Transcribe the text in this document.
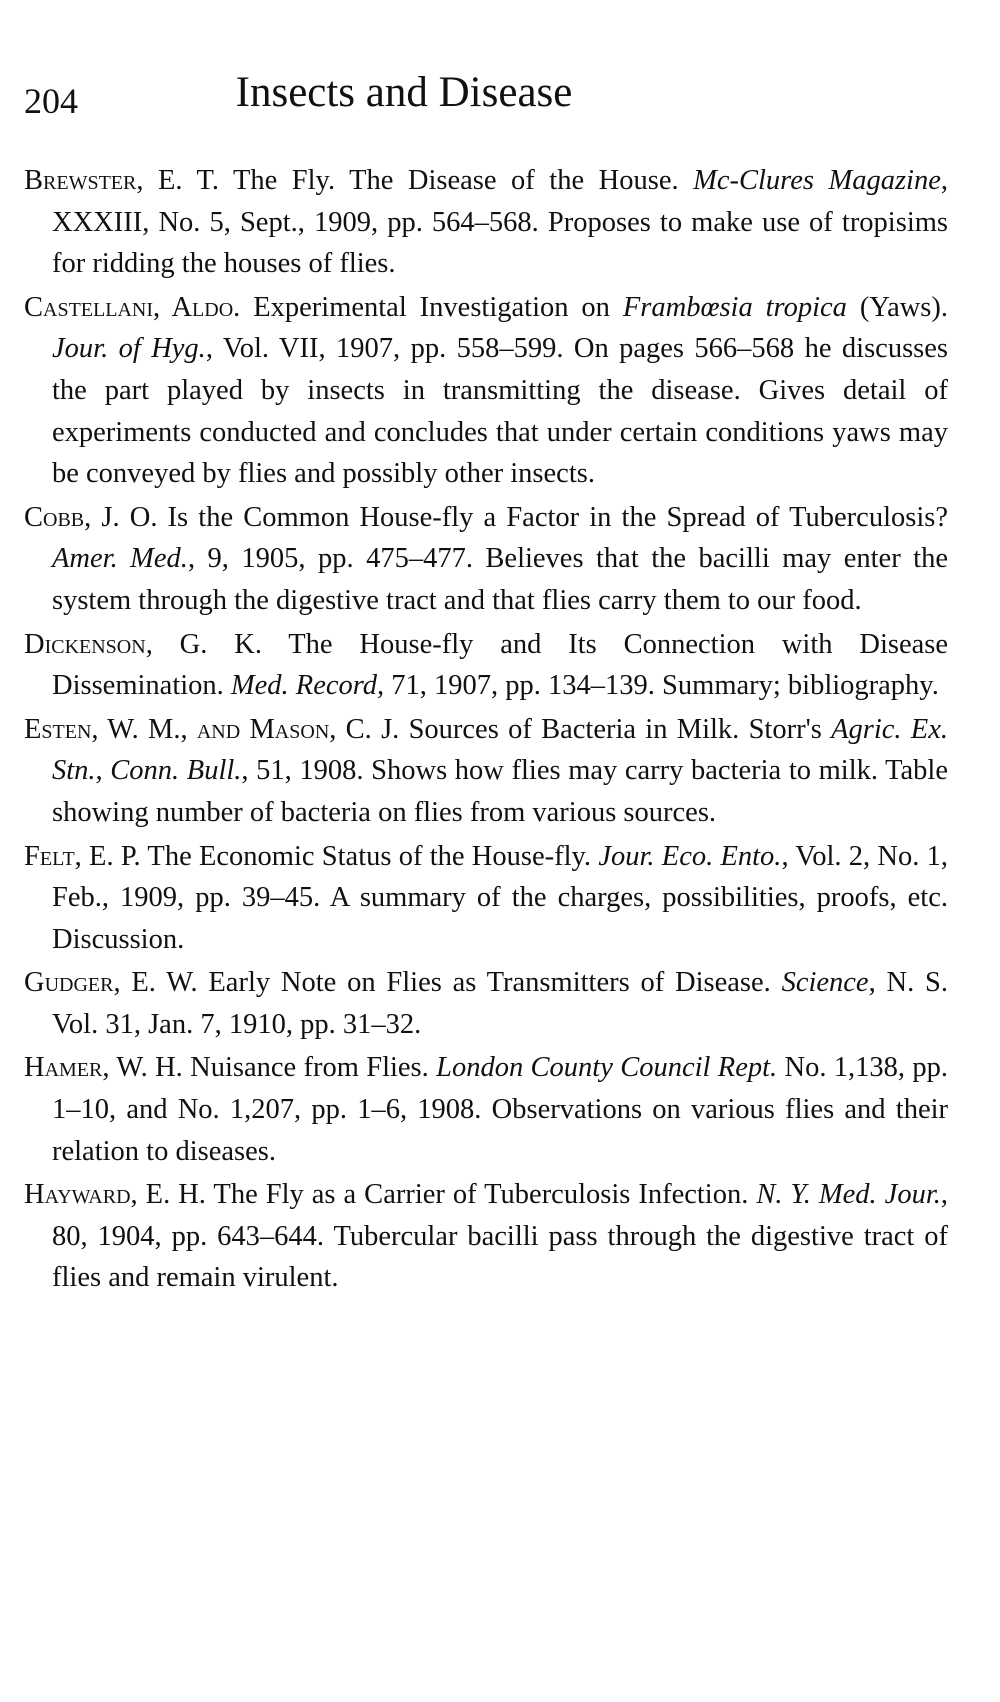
204	Insects and Disease

Brewster, E. T. The Fly. The Disease of the House. Mc-Clures Magazine, XXXIII, No. 5, Sept., 1909, pp. 564–568. Proposes to make use of tropisims for ridding the houses of flies.

Castellani, Aldo. Experimental Investigation on Frambœsia tropica (Yaws). Jour. of Hyg., Vol. VII, 1907, pp. 558–599. On pages 566–568 he discusses the part played by insects in transmitting the disease. Gives detail of experiments conducted and concludes that under certain conditions yaws may be conveyed by flies and possibly other insects.

Cobb, J. O. Is the Common House-fly a Factor in the Spread of Tuberculosis? Amer. Med., 9, 1905, pp. 475–477. Believes that the bacilli may enter the system through the digestive tract and that flies carry them to our food.

Dickenson, G. K. The House-fly and Its Connection with Disease Dissemination. Med. Record, 71, 1907, pp. 134–139. Summary; bibliography.

Esten, W. M., and Mason, C. J. Sources of Bacteria in Milk. Storr's Agric. Ex. Stn., Conn. Bull., 51, 1908. Shows how flies may carry bacteria to milk. Table showing number of bacteria on flies from various sources.

Felt, E. P. The Economic Status of the House-fly. Jour. Eco. Ento., Vol. 2, No. 1, Feb., 1909, pp. 39–45. A summary of the charges, possibilities, proofs, etc. Discussion.

Gudger, E. W. Early Note on Flies as Transmitters of Disease. Science, N. S. Vol. 31, Jan. 7, 1910, pp. 31–32.

Hamer, W. H. Nuisance from Flies. London County Council Rept. No. 1,138, pp. 1–10, and No. 1,207, pp. 1–6, 1908. Observations on various flies and their relation to diseases.

Hayward, E. H. The Fly as a Carrier of Tuberculosis Infection. N. Y. Med. Jour., 80, 1904, pp. 643–644. Tubercular bacilli pass through the digestive tract of flies and remain virulent.
